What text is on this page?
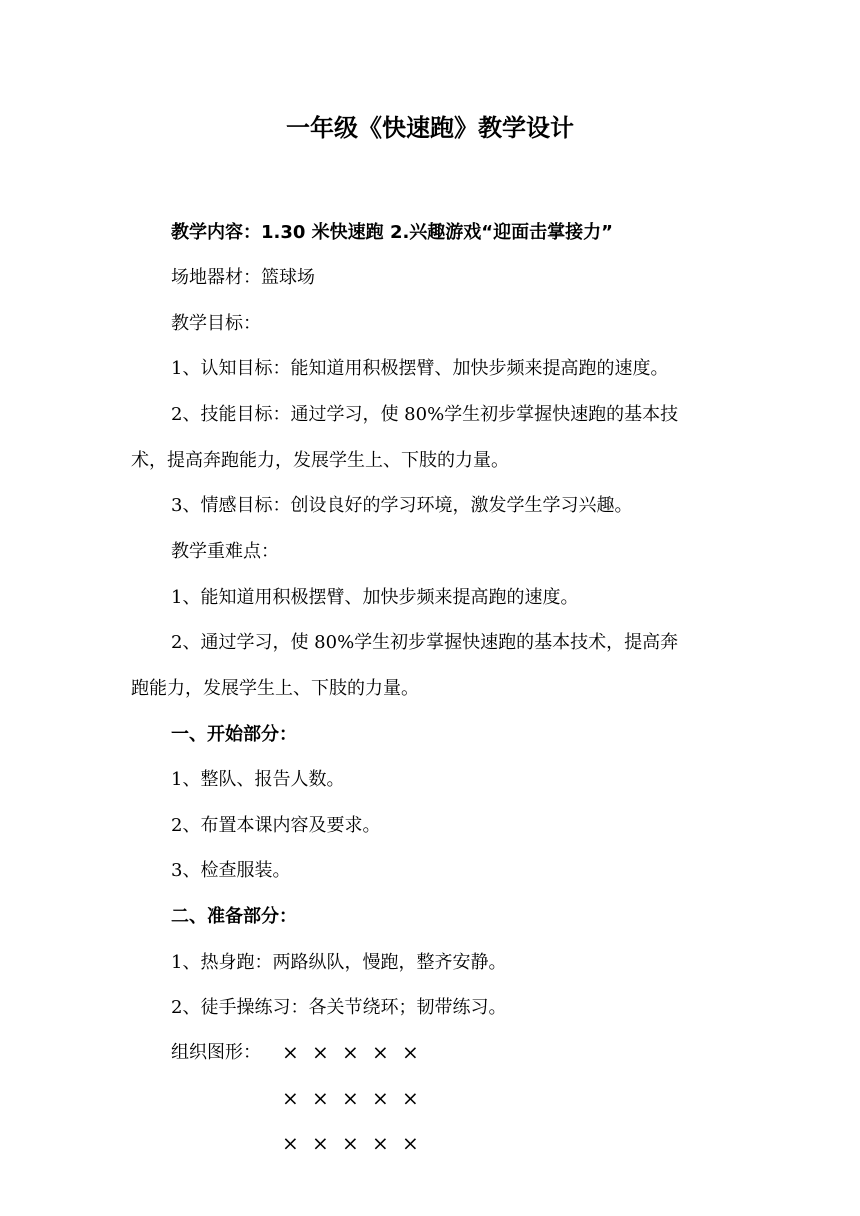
一年级《快速跑》教学设计
教学内容：1.30 米快速跑 2.兴趣游戏“迎面击掌接力”
场地器材：篮球场
教学目标：
1、认知目标：能知道用积极摆臂、加快步频来提高跑的速度。
2、技能目标：通过学习，使 80%学生初步掌握快速跑的基本技
术，提高奔跑能力，发展学生上、下肢的力量。
3、情感目标：创设良好的学习环境，激发学生学习兴趣。
教学重难点：
1、能知道用积极摆臂、加快步频来提高跑的速度。
2、通过学习，使 80%学生初步掌握快速跑的基本技术，提高奔
跑能力，发展学生上、下肢的力量。
一、开始部分：
1、整队、报告人数。
2、布置本课内容及要求。
3、检查服装。
二、准备部分：
1、热身跑：两路纵队，慢跑，整齐安静。
2、徒手操练习：各关节绕环；韧带练习。
组织图形：	× × × × ×
× × × × ×
× × × × ×
